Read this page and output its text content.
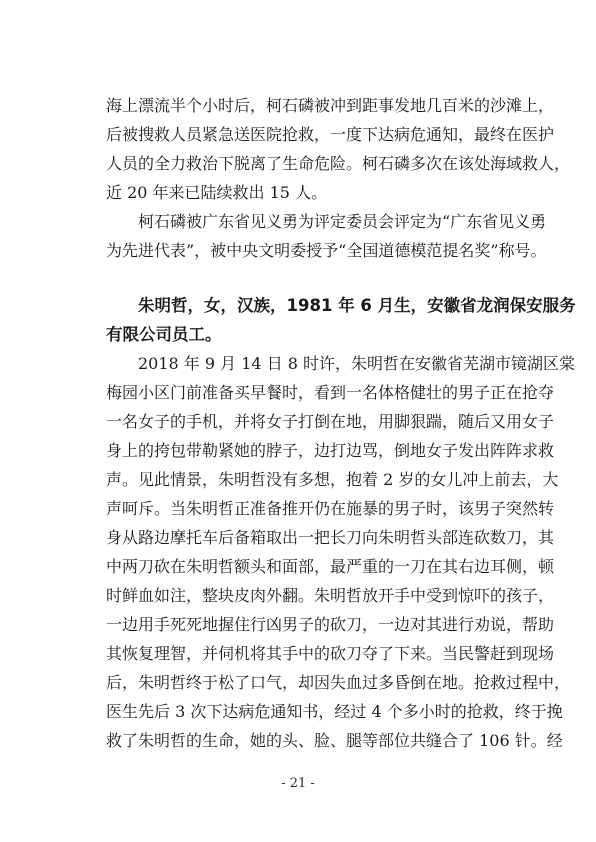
海上漂流半个小时后，柯石磷被冲到距事发地几百米的沙滩上，
后被搜救人员紧急送医院抢救，一度下达病危通知，最终在医护
人员的全力救治下脱离了生命危险。柯石磷多次在该处海域救人，
近 20 年来已陆续救出 15 人。
柯石磷被广东省见义勇为评定委员会评定为“广东省见义勇
为先进代表”，被中央文明委授予“全国道德模范提名奖”称号。
朱明哲，女，汉族，1981 年 6 月生，安徽省龙润保安服务
有限公司员工。
2018 年 9 月 14 日 8 时许，朱明哲在安徽省芜湖市镜湖区棠
梅园小区门前准备买早餐时，看到一名体格健壮的男子正在抢夺
一名女子的手机，并将女子打倒在地，用脚狠踹，随后又用女子
身上的挎包带勒紧她的脖子，边打边骂，倒地女子发出阵阵求救
声。见此情景，朱明哲没有多想，抱着 2 岁的女儿冲上前去，大
声呵斥。当朱明哲正准备推开仍在施暴的男子时，该男子突然转
身从路边摩托车后备箱取出一把长刀向朱明哲头部连砍数刀，其
中两刀砍在朱明哲额头和面部，最严重的一刀在其右边耳侧，顿
时鲜血如注，整块皮肉外翻。朱明哲放开手中受到惊吓的孩子，
一边用手死死地握住行凶男子的砍刀，一边对其进行劝说，帮助
其恢复理智，并伺机将其手中的砍刀夺了下来。当民警赶到现场
后，朱明哲终于松了口气，却因失血过多昏倒在地。抢救过程中，
医生先后 3 次下达病危通知书，经过 4 个多小时的抢救，终于挽
救了朱明哲的生命，她的头、脸、腿等部位共缝合了 106 针。经
- 21 -
